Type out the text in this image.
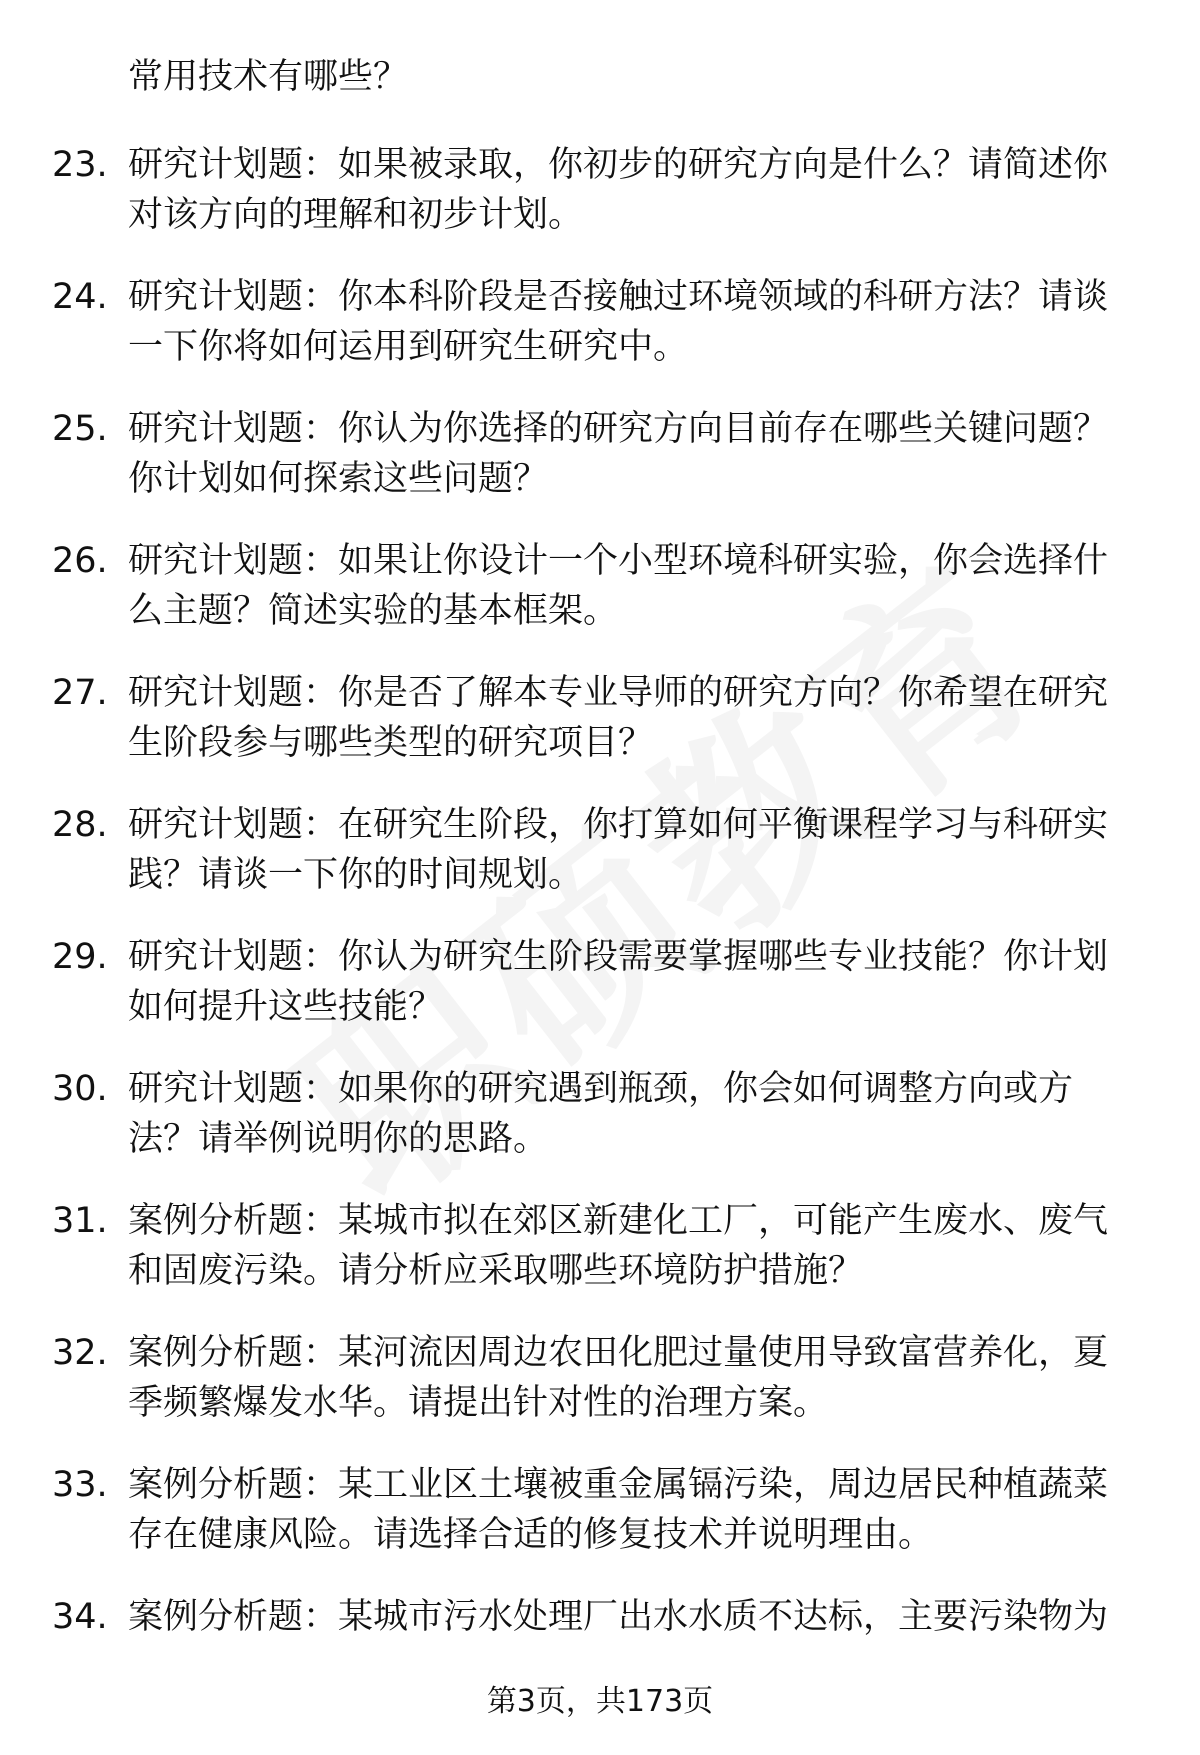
常用技术有哪些？
23. 研究计划题：如果被录取，你初步的研究方向是什么？请简述你
对该方向的理解和初步计划。
24. 研究计划题：你本科阶段是否接触过环境领域的科研方法？请谈
一下你将如何运用到研究生研究中。
25. 研究计划题：你认为你选择的研究方向目前存在哪些关键问题？
你计划如何探索这些问题？
26. 研究计划题：如果让你设计一个小型环境科研实验，你会选择什
么主题？简述实验的基本框架。
27. 研究计划题：你是否了解本专业导师的研究方向？你希望在研究
生阶段参与哪些类型的研究项目？
28. 研究计划题：在研究生阶段，你打算如何平衡课程学习与科研实
践？请谈一下你的时间规划。
29. 研究计划题：你认为研究生阶段需要掌握哪些专业技能？你计划
如何提升这些技能？
30. 研究计划题：如果你的研究遇到瓶颈，你会如何调整方向或方
法？请举例说明你的思路。
31. 案例分析题：某城市拟在郊区新建化工厂，可能产生废水、废气
和固废污染。请分析应采取哪些环境防护措施？
32. 案例分析题：某河流因周边农田化肥过量使用导致富营养化，夏
季频繁爆发水华。请提出针对性的治理方案。
33. 案例分析题：某工业区土壤被重金属镉污染，周边居民种植蔬菜
存在健康风险。请选择合适的修复技术并说明理由。
34. 案例分析题：某城市污水处理厂出水水质不达标，主要污染物为
第3页，共173页
